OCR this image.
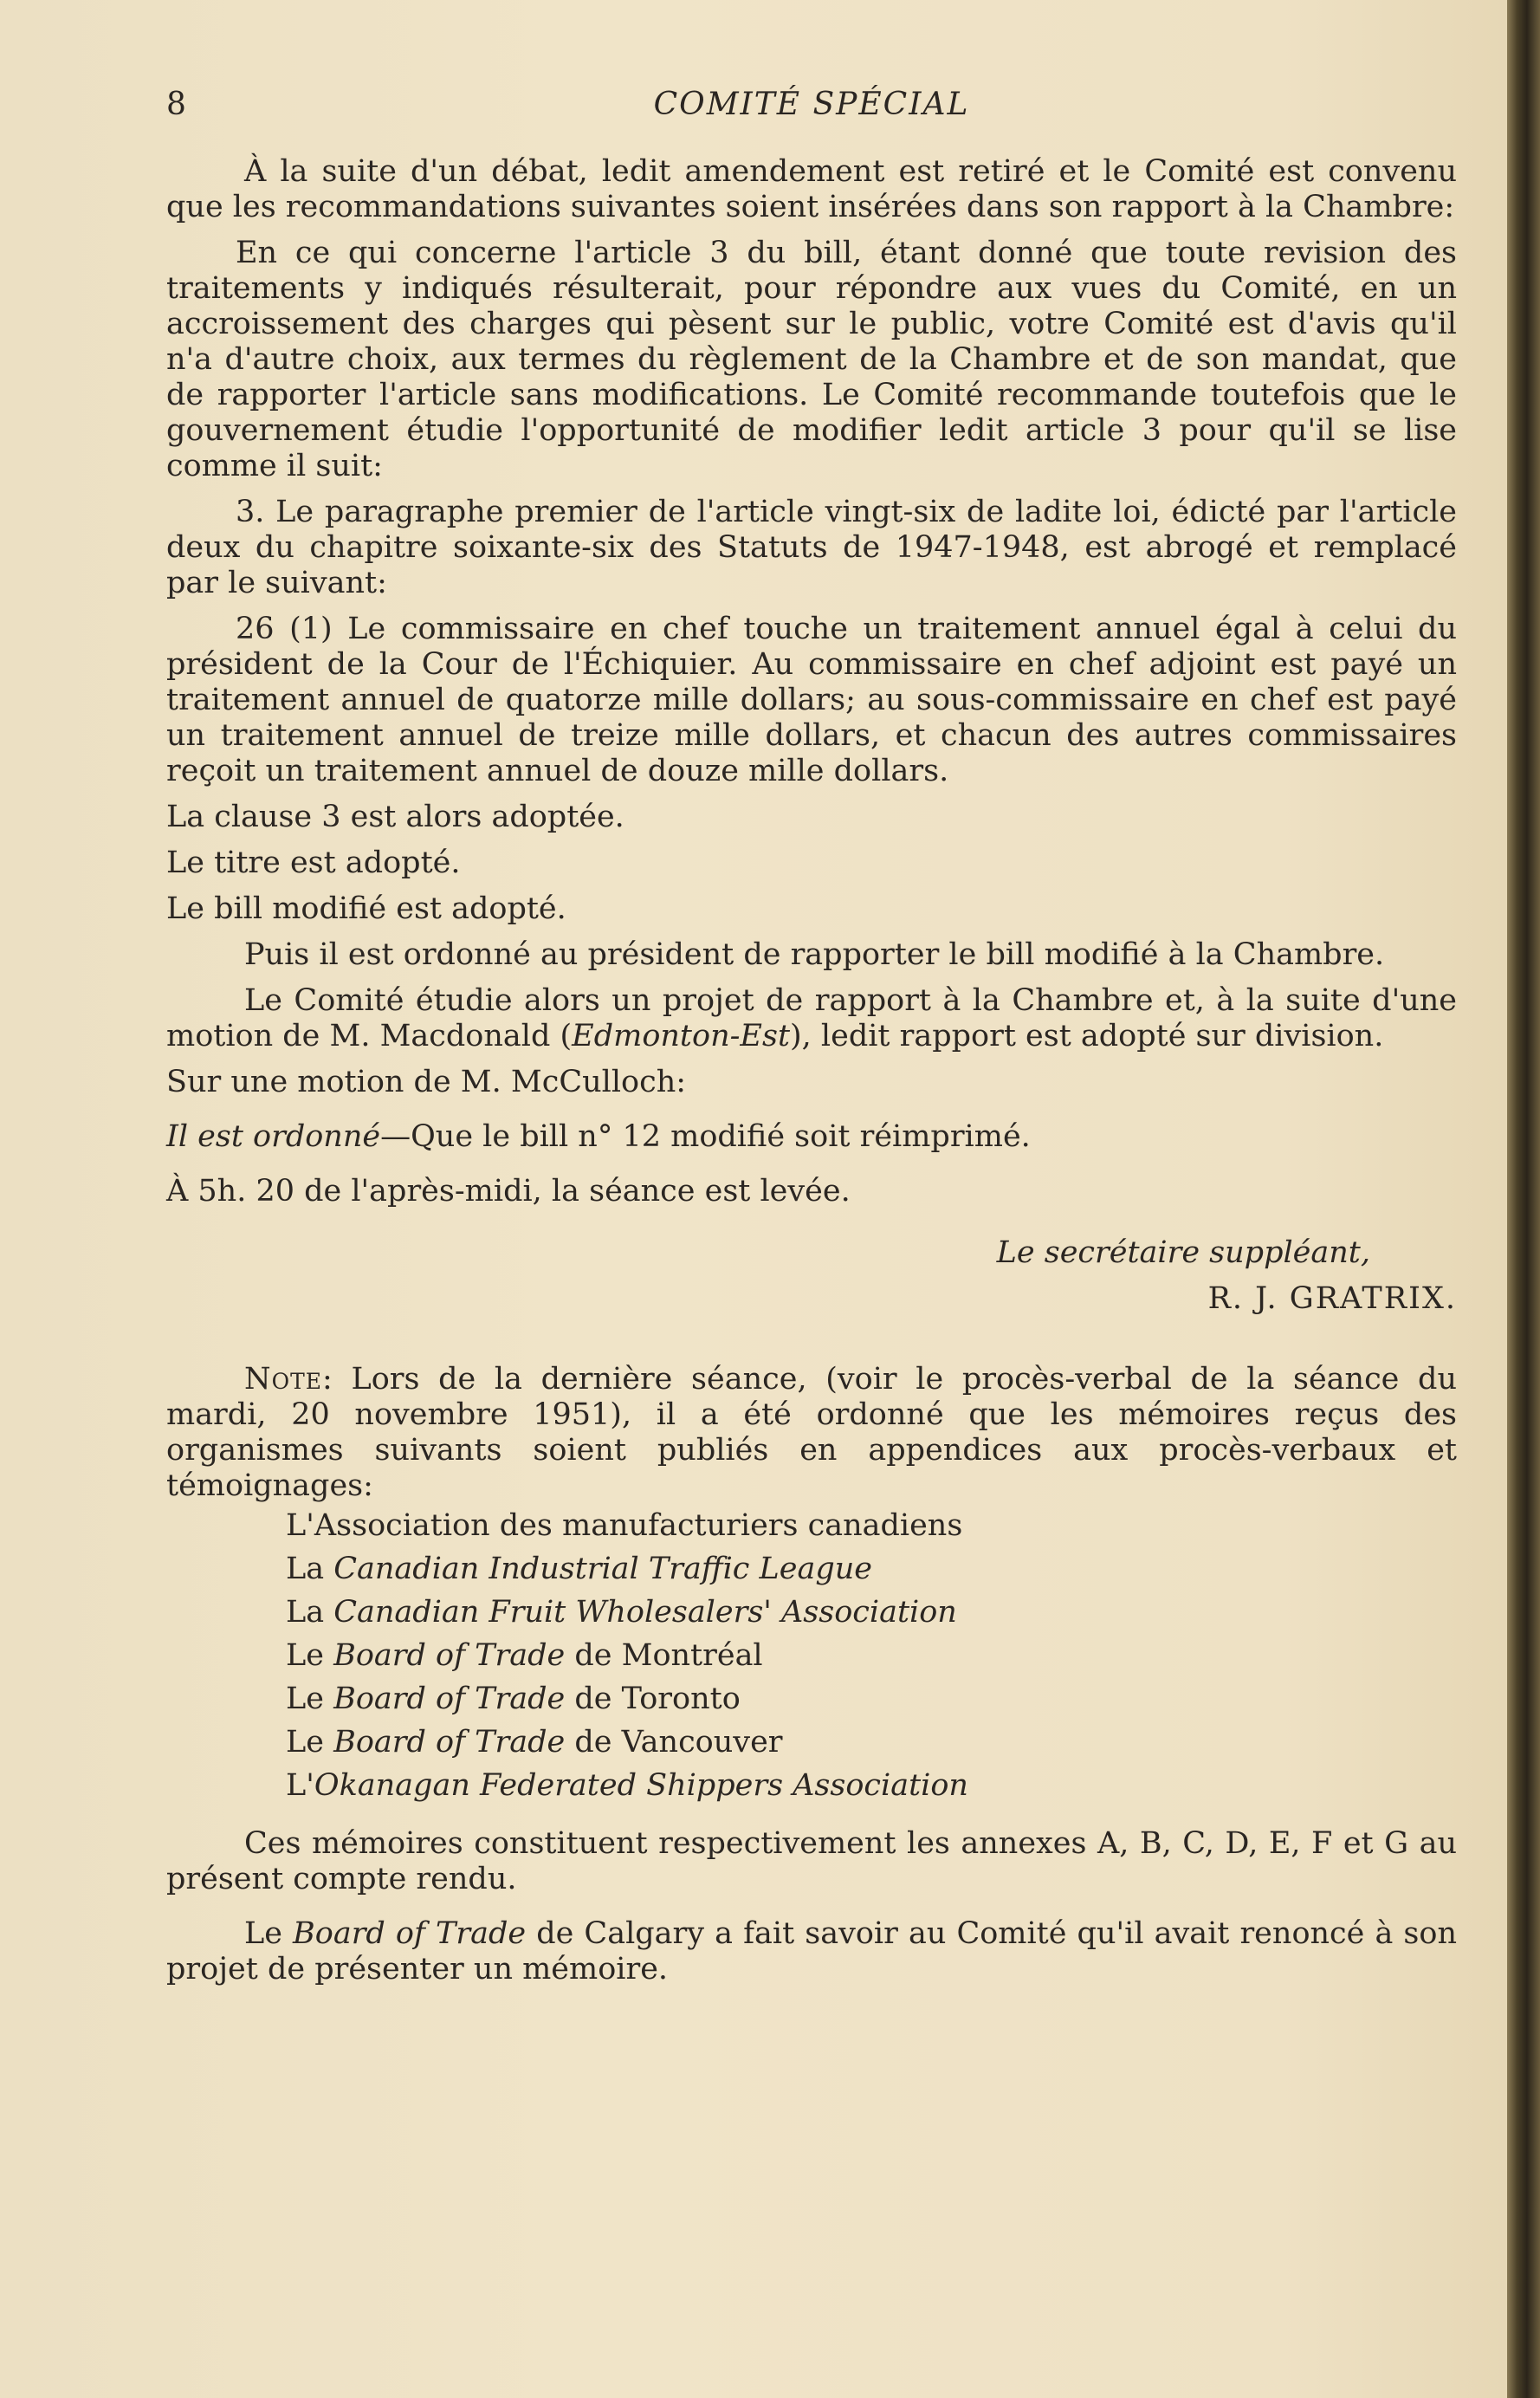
8	COMITÉ SPÉCIAL

À la suite d'un débat, ledit amendement est retiré et le Comité est convenu que les recommandations suivantes soient insérées dans son rapport à la Chambre:

En ce qui concerne l'article 3 du bill, étant donné que toute revision des traitements y indiqués résulterait, pour répondre aux vues du Comité, en un accroissement des charges qui pèsent sur le public, votre Comité est d'avis qu'il n'a d'autre choix, aux termes du règlement de la Chambre et de son mandat, que de rapporter l'article sans modifications. Le Comité recommande toutefois que le gouvernement étudie l'opportunité de modifier ledit article 3 pour qu'il se lise comme il suit:

3. Le paragraphe premier de l'article vingt-six de ladite loi, édicté par l'article deux du chapitre soixante-six des Statuts de 1947-1948, est abrogé et remplacé par le suivant:

26 (1) Le commissaire en chef touche un traitement annuel égal à celui du président de la Cour de l'Échiquier. Au commissaire en chef adjoint est payé un traitement annuel de quatorze mille dollars; au sous-commissaire en chef est payé un traitement annuel de treize mille dollars, et chacun des autres commissaires reçoit un traitement annuel de douze mille dollars.

La clause 3 est alors adoptée.

Le titre est adopté.

Le bill modifié est adopté.

Puis il est ordonné au président de rapporter le bill modifié à la Chambre.

Le Comité étudie alors un projet de rapport à la Chambre et, à la suite d'une motion de M. Macdonald (Edmonton-Est), ledit rapport est adopté sur division.

Sur une motion de M. McCulloch:

Il est ordonné—Que le bill n° 12 modifié soit réimprimé.

À 5h. 20 de l'après-midi, la séance est levée.

Le secrétaire suppléant,

R. J. GRATRIX.

Note: Lors de la dernière séance, (voir le procès-verbal de la séance du mardi, 20 novembre 1951), il a été ordonné que les mémoires reçus des organismes suivants soient publiés en appendices aux procès-verbaux et témoignages:

L'Association des manufacturiers canadiens

La Canadian Industrial Traffic League

La Canadian Fruit Wholesalers' Association

Le Board of Trade de Montréal

Le Board of Trade de Toronto

Le Board of Trade de Vancouver

L'Okanagan Federated Shippers Association

Ces mémoires constituent respectivement les annexes A, B, C, D, E, F et G au présent compte rendu.

Le Board of Trade de Calgary a fait savoir au Comité qu'il avait renoncé à son projet de présenter un mémoire.
